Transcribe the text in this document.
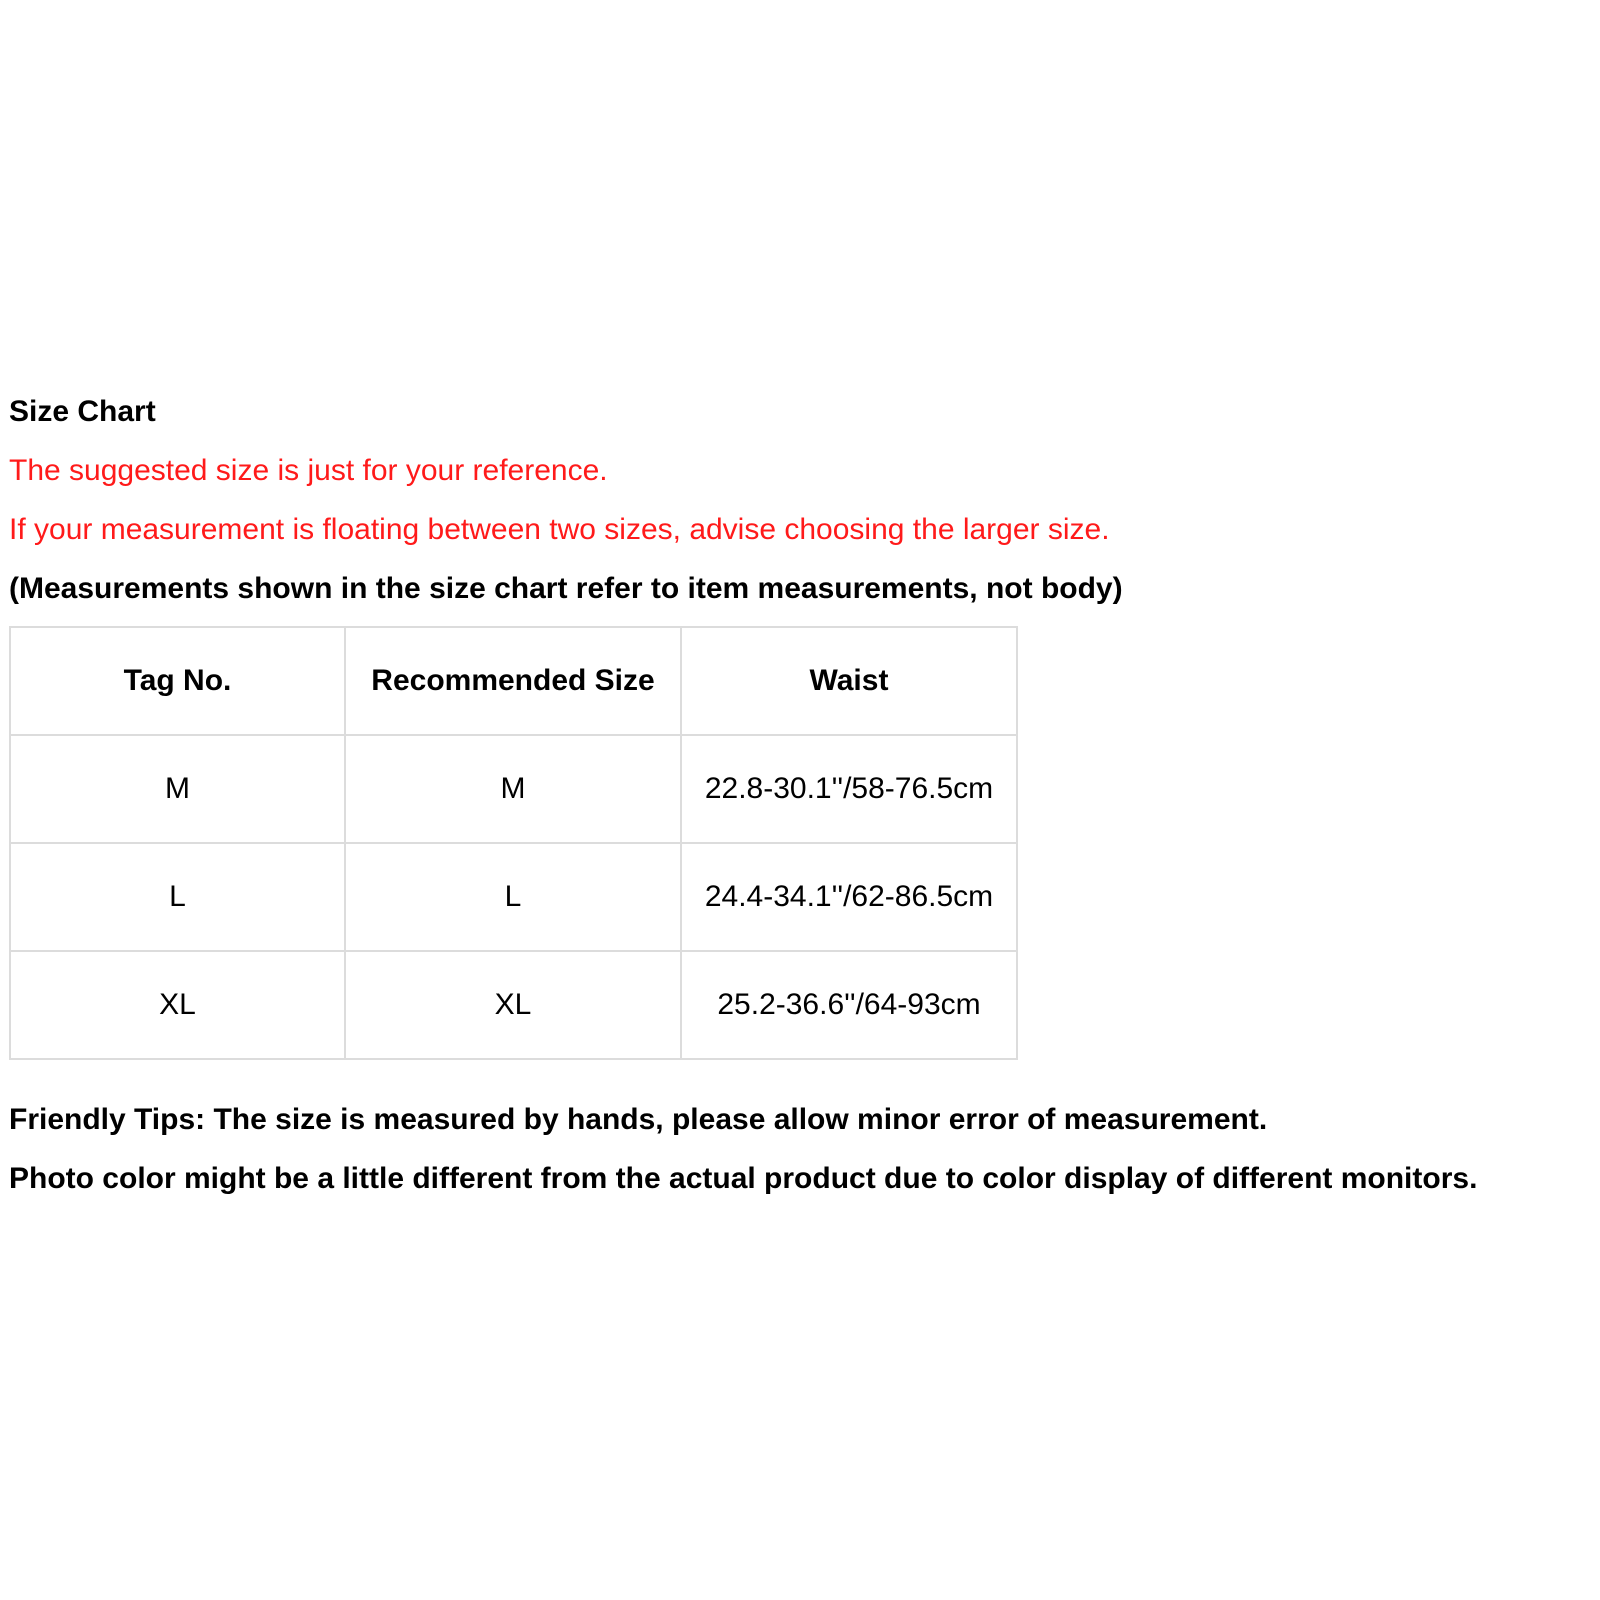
Size Chart
The suggested size is just for your reference.
If your measurement is floating between two sizes, advise choosing the larger size.
(Measurements shown in the size chart refer to item measurements, not body)
Tag No.	Recommended Size	Waist
M	M	22.8-30.1''/58-76.5cm
L	L	24.4-34.1''/62-86.5cm
XL	XL	25.2-36.6''/64-93cm
Friendly Tips: The size is measured by hands, please allow minor error of measurement.
Photo color might be a little different from the actual product due to color display of different monitors.
